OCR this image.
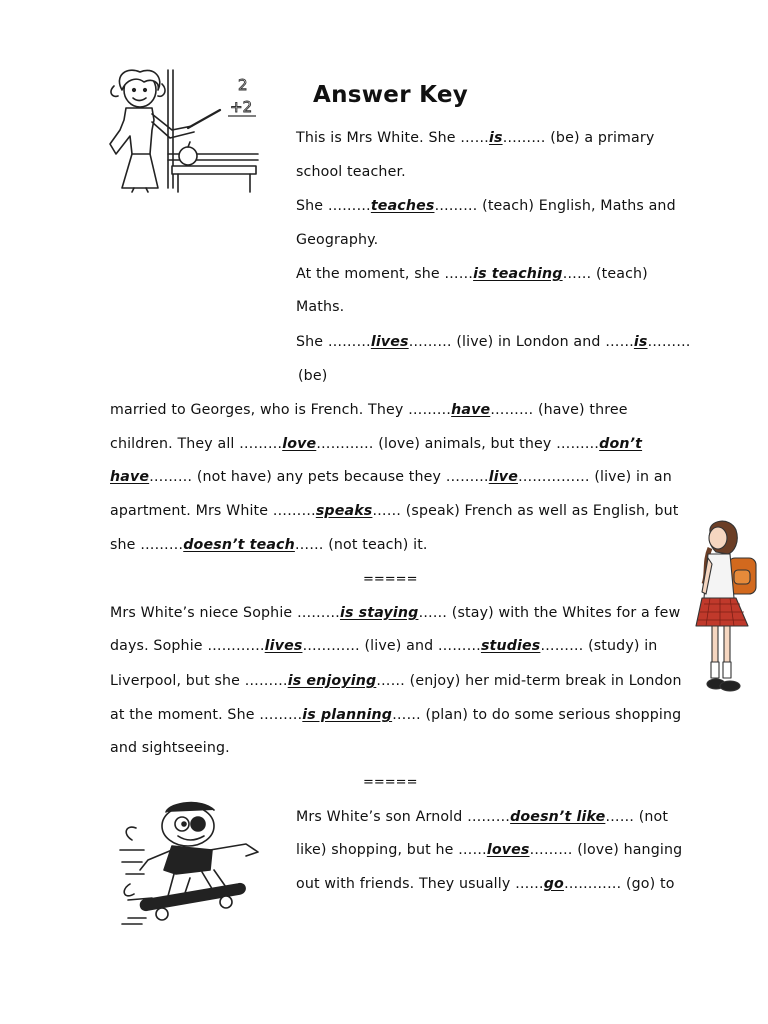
Answer Key
This is Mrs White. She ……is……… (be) a primary
school teacher.
She ………teaches……… (teach) English, Maths and
Geography.
At the moment, she ……is teaching…… (teach)
Maths.
She ………lives……… (live) in London and ……is………
(be)
married to Georges, who is French. They ………have……… (have) three
children. They all ………love………… (love) animals, but they ………don’t
have……… (not have) any pets because they ………live…………… (live) in an
apartment. Mrs White ………speaks…… (speak) French as well as English, but
she ………doesn’t teach…… (not teach) it.
Mrs White’s niece Sophie ………is staying…… (stay) with the Whites for a few
days. Sophie …………lives………… (live) and ………studies……… (study) in
Liverpool, but she ………is enjoying…… (enjoy) her mid-term break in London
at the moment. She ………is planning…… (plan) to do some serious shopping
and sightseeing.
Mrs White’s son Arnold ………doesn’t like…… (not
like) shopping, but he ……loves……… (love) hanging
out with friends. They usually ……go………… (go) to
=====
=====
2
+2
